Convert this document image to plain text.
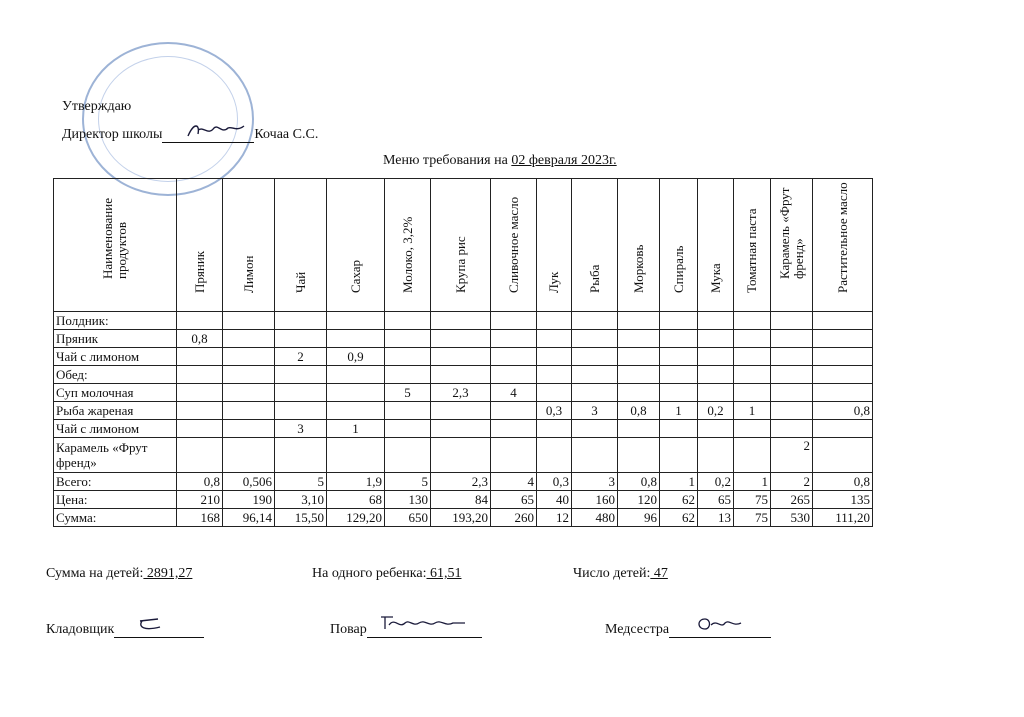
Утверждаю
Директор школы	Кочаа С.С.
Меню требования на 02 февраля 2023г.
Наименование продуктов	Пряник	Лимон	Чай	Сахар	Молоко, 3,2%	Крупа рис	Сливочное масло	Лук	Рыба	Морковь	Спираль	Мука	Томатная паста	Карамель «Фрут френд»	Растительное масло

Полдник:															
Пряник	0,8														
Чай с лимоном			2	0,9											
Обед:															
Суп молочная					5	2,3	4								
Рыба жареная								0,3	3	0,8	1	0,2	1		0,8
Чай с лимоном			3	1											
Карамель «Фрут френд»														2	
Всего:	0,8	0,506	5	1,9	5	2,3	4	0,3	3	0,8	1	0,2	1	2	0,8
Цена:	210	190	3,10	68	130	84	65	40	160	120	62	65	75	265	135
Сумма:	168	96,14	15,50	129,20	650	193,20	260	12	480	96	62	13	75	530	111,20
Сумма на детей: 2891,27	На одного ребенка: 61,51	Число детей: 47
Кладовщик	Повар	Медсестра
